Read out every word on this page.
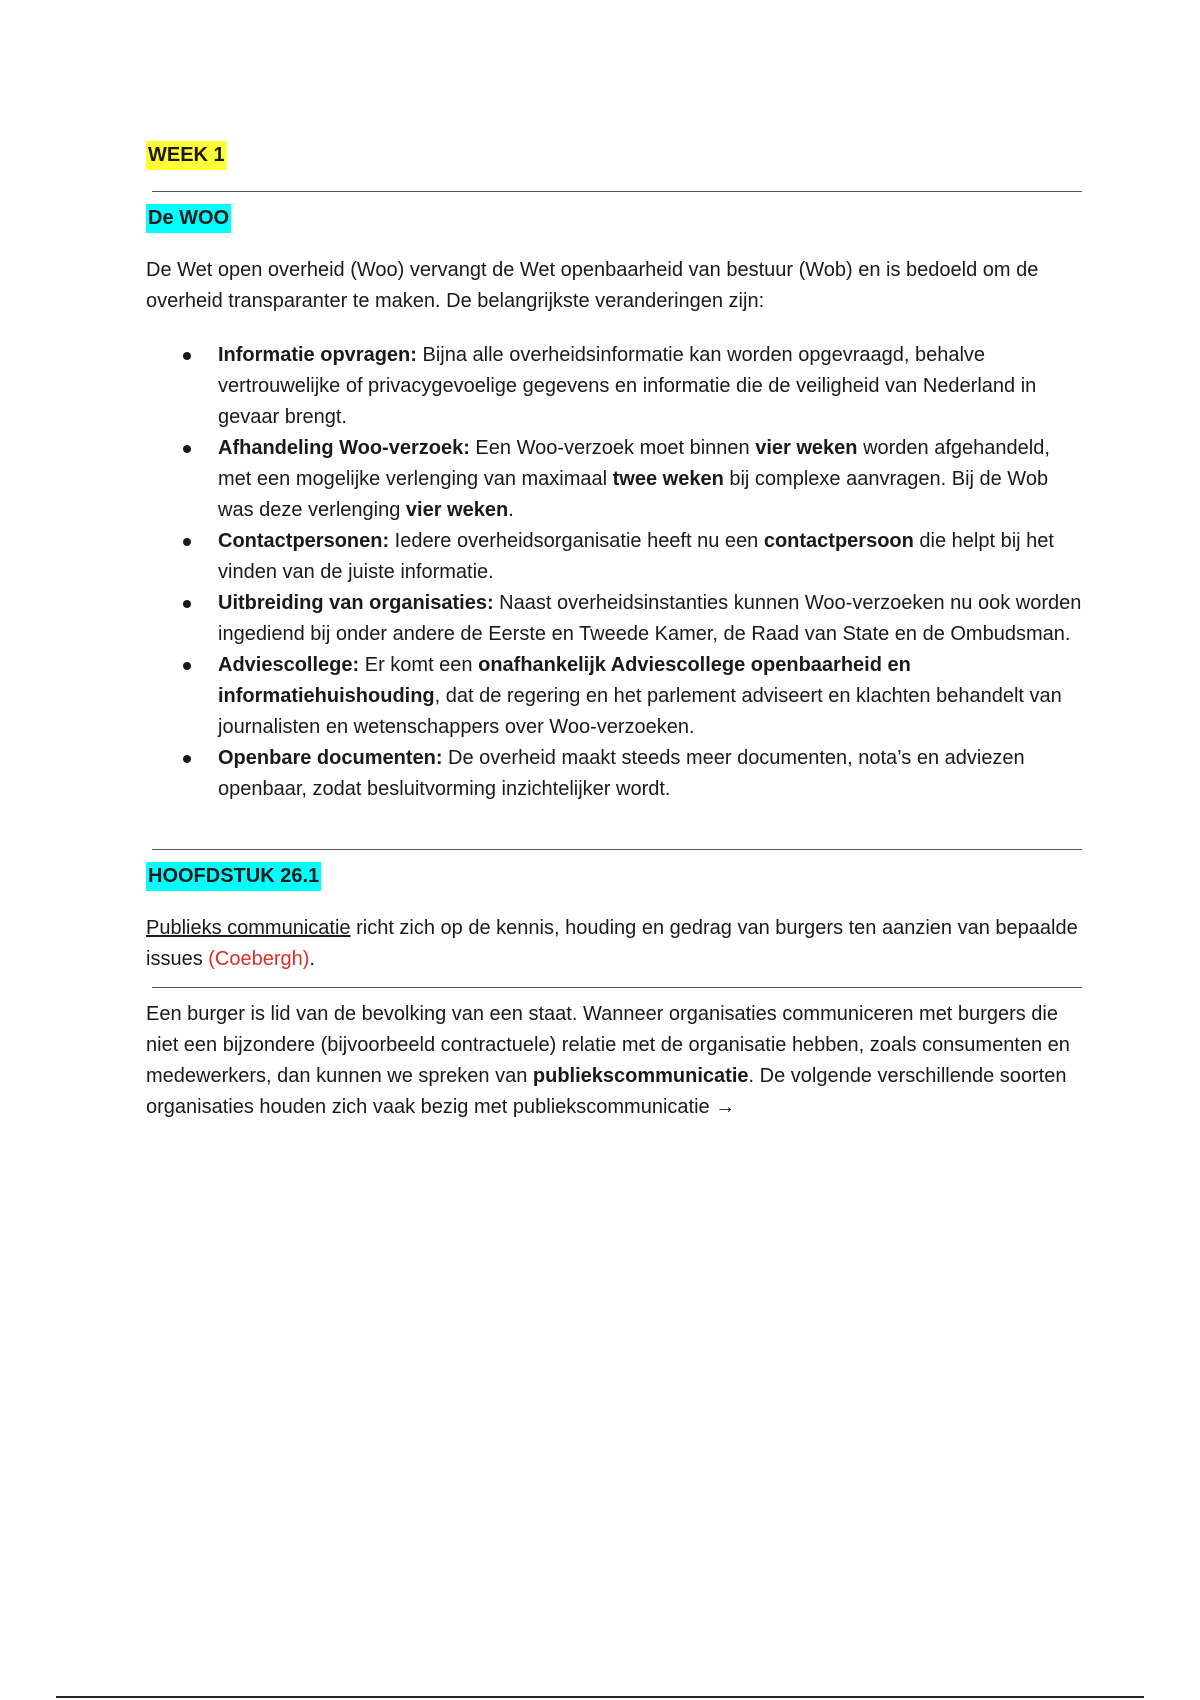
WEEK 1
De WOO

De Wet open overheid (Woo) vervangt de Wet openbaarheid van bestuur (Wob) en is bedoeld om de overheid transparanter te maken. De belangrijkste veranderingen zijn:

Informatie opvragen: Bijna alle overheidsinformatie kan worden opgevraagd, behalve vertrouwelijke of privacygevoelige gegevens en informatie die de veiligheid van Nederland in gevaar brengt.
Afhandeling Woo-verzoek: Een Woo-verzoek moet binnen vier weken worden afgehandeld, met een mogelijke verlenging van maximaal twee weken bij complexe aanvragen. Bij de Wob was deze verlenging vier weken.
Contactpersonen: Iedere overheidsorganisatie heeft nu een contactpersoon die helpt bij het vinden van de juiste informatie.
Uitbreiding van organisaties: Naast overheidsinstanties kunnen Woo-verzoeken nu ook worden ingediend bij onder andere de Eerste en Tweede Kamer, de Raad van State en de Ombudsman.
Adviescollege: Er komt een onafhankelijk Adviescollege openbaarheid en informatiehuishouding, dat de regering en het parlement adviseert en klachten behandelt van journalisten en wetenschappers over Woo-verzoeken.
Openbare documenten: De overheid maakt steeds meer documenten, nota’s en adviezen openbaar, zodat besluitvorming inzichtelijker wordt.
HOOFDSTUK 26.1

Publieks communicatie richt zich op de kennis, houding en gedrag van burgers ten aanzien van bepaalde issues (Coebergh).

Een burger is lid van de bevolking van een staat. Wanneer organisaties communiceren met burgers die niet een bijzondere (bijvoorbeeld contractuele) relatie met de organisatie hebben, zoals consumenten en medewerkers, dan kunnen we spreken van publiekscommunicatie. De volgende verschillende soorten organisaties houden zich vaak bezig met publiekscommunicatie →
